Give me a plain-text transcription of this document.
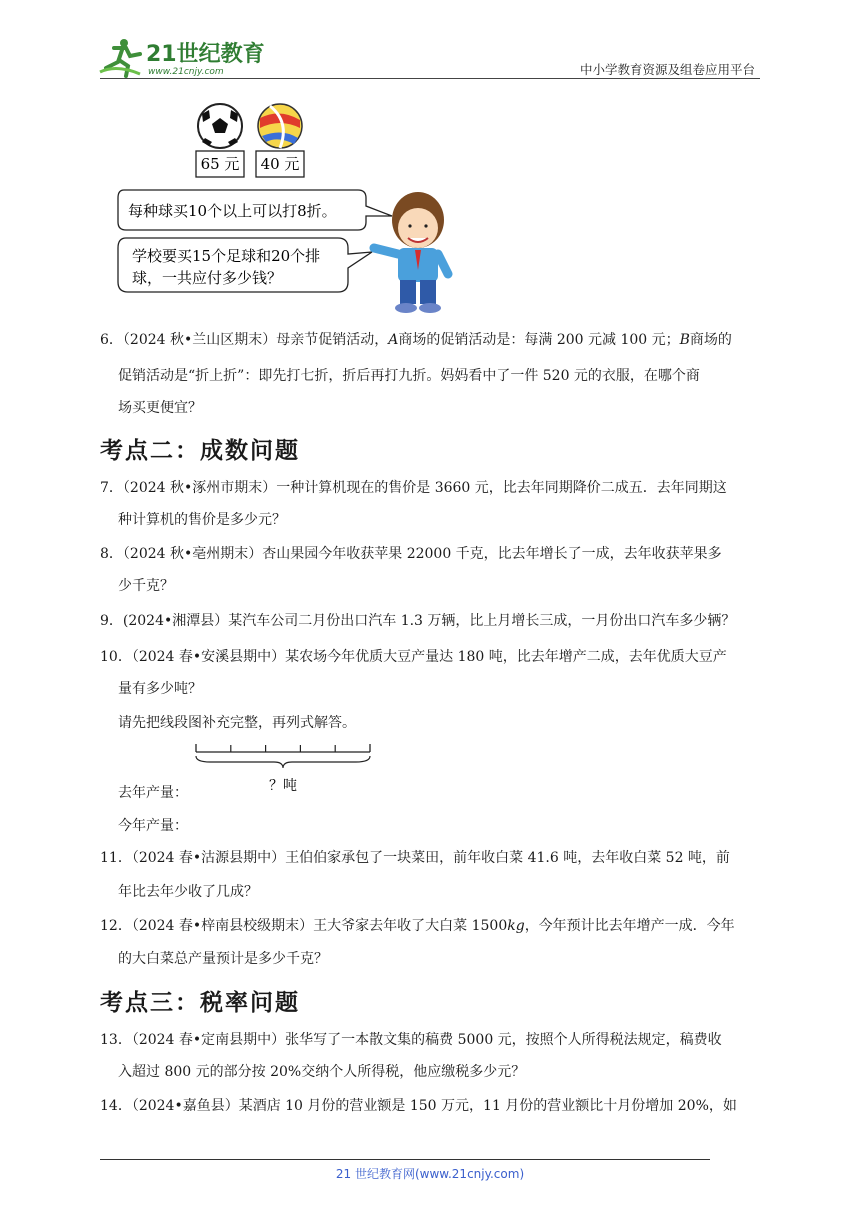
21世纪教育
www.21cnjy.com	中小学教育资源及组卷应用平台
65 元 40 元
每种球买10个以上可以打8折。
学校要买15个足球和20个排
球，一共应付多少钱？
6．（2024 秋•兰山区期末）母亲节促销活动，A商场的促销活动是：每满 200 元减 100 元；B商场的
促销活动是“折上折”：即先打七折，折后再打九折。妈妈看中了一件 520 元的衣服，在哪个商
场买更便宜？
考点二：成数问题
7．（2024 秋•涿州市期末）一种计算机现在的售价是 3660 元，比去年同期降价二成五．去年同期这
种计算机的售价是多少元？
8．（2024 秋•亳州期末）杏山果园今年收获苹果 22000 千克，比去年增长了一成，去年收获苹果多
少千克？
9．(2024•湘潭县）某汽车公司二月份出口汽车 1.3 万辆，比上月增长三成，一月份出口汽车多少辆？
10．（2024 春•安溪县期中）某农场今年优质大豆产量达 180 吨，比去年增产二成，去年优质大豆产
量有多少吨？
请先把线段图补充完整，再列式解答。
？吨
去年产量：
今年产量：
11．（2024 春•沽源县期中）王伯伯家承包了一块菜田，前年收白菜 41.6 吨，去年收白菜 52 吨，前
年比去年少收了几成？
12．（2024 春•梓南县校级期末）王大爷家去年收了大白菜 1500kg，今年预计比去年增产一成．今年
的大白菜总产量预计是多少千克？
考点三：税率问题
13．（2024 春•定南县期中）张华写了一本散文集的稿费 5000 元，按照个人所得税法规定，稿费收
入超过 800 元的部分按 20%交纳个人所得税，他应缴税多少元？
14．（2024•嘉鱼县）某酒店 10 月份的营业额是 150 万元，11 月份的营业额比十月份增加 20%，如
21 世纪教育网(www.21cnjy.com)
